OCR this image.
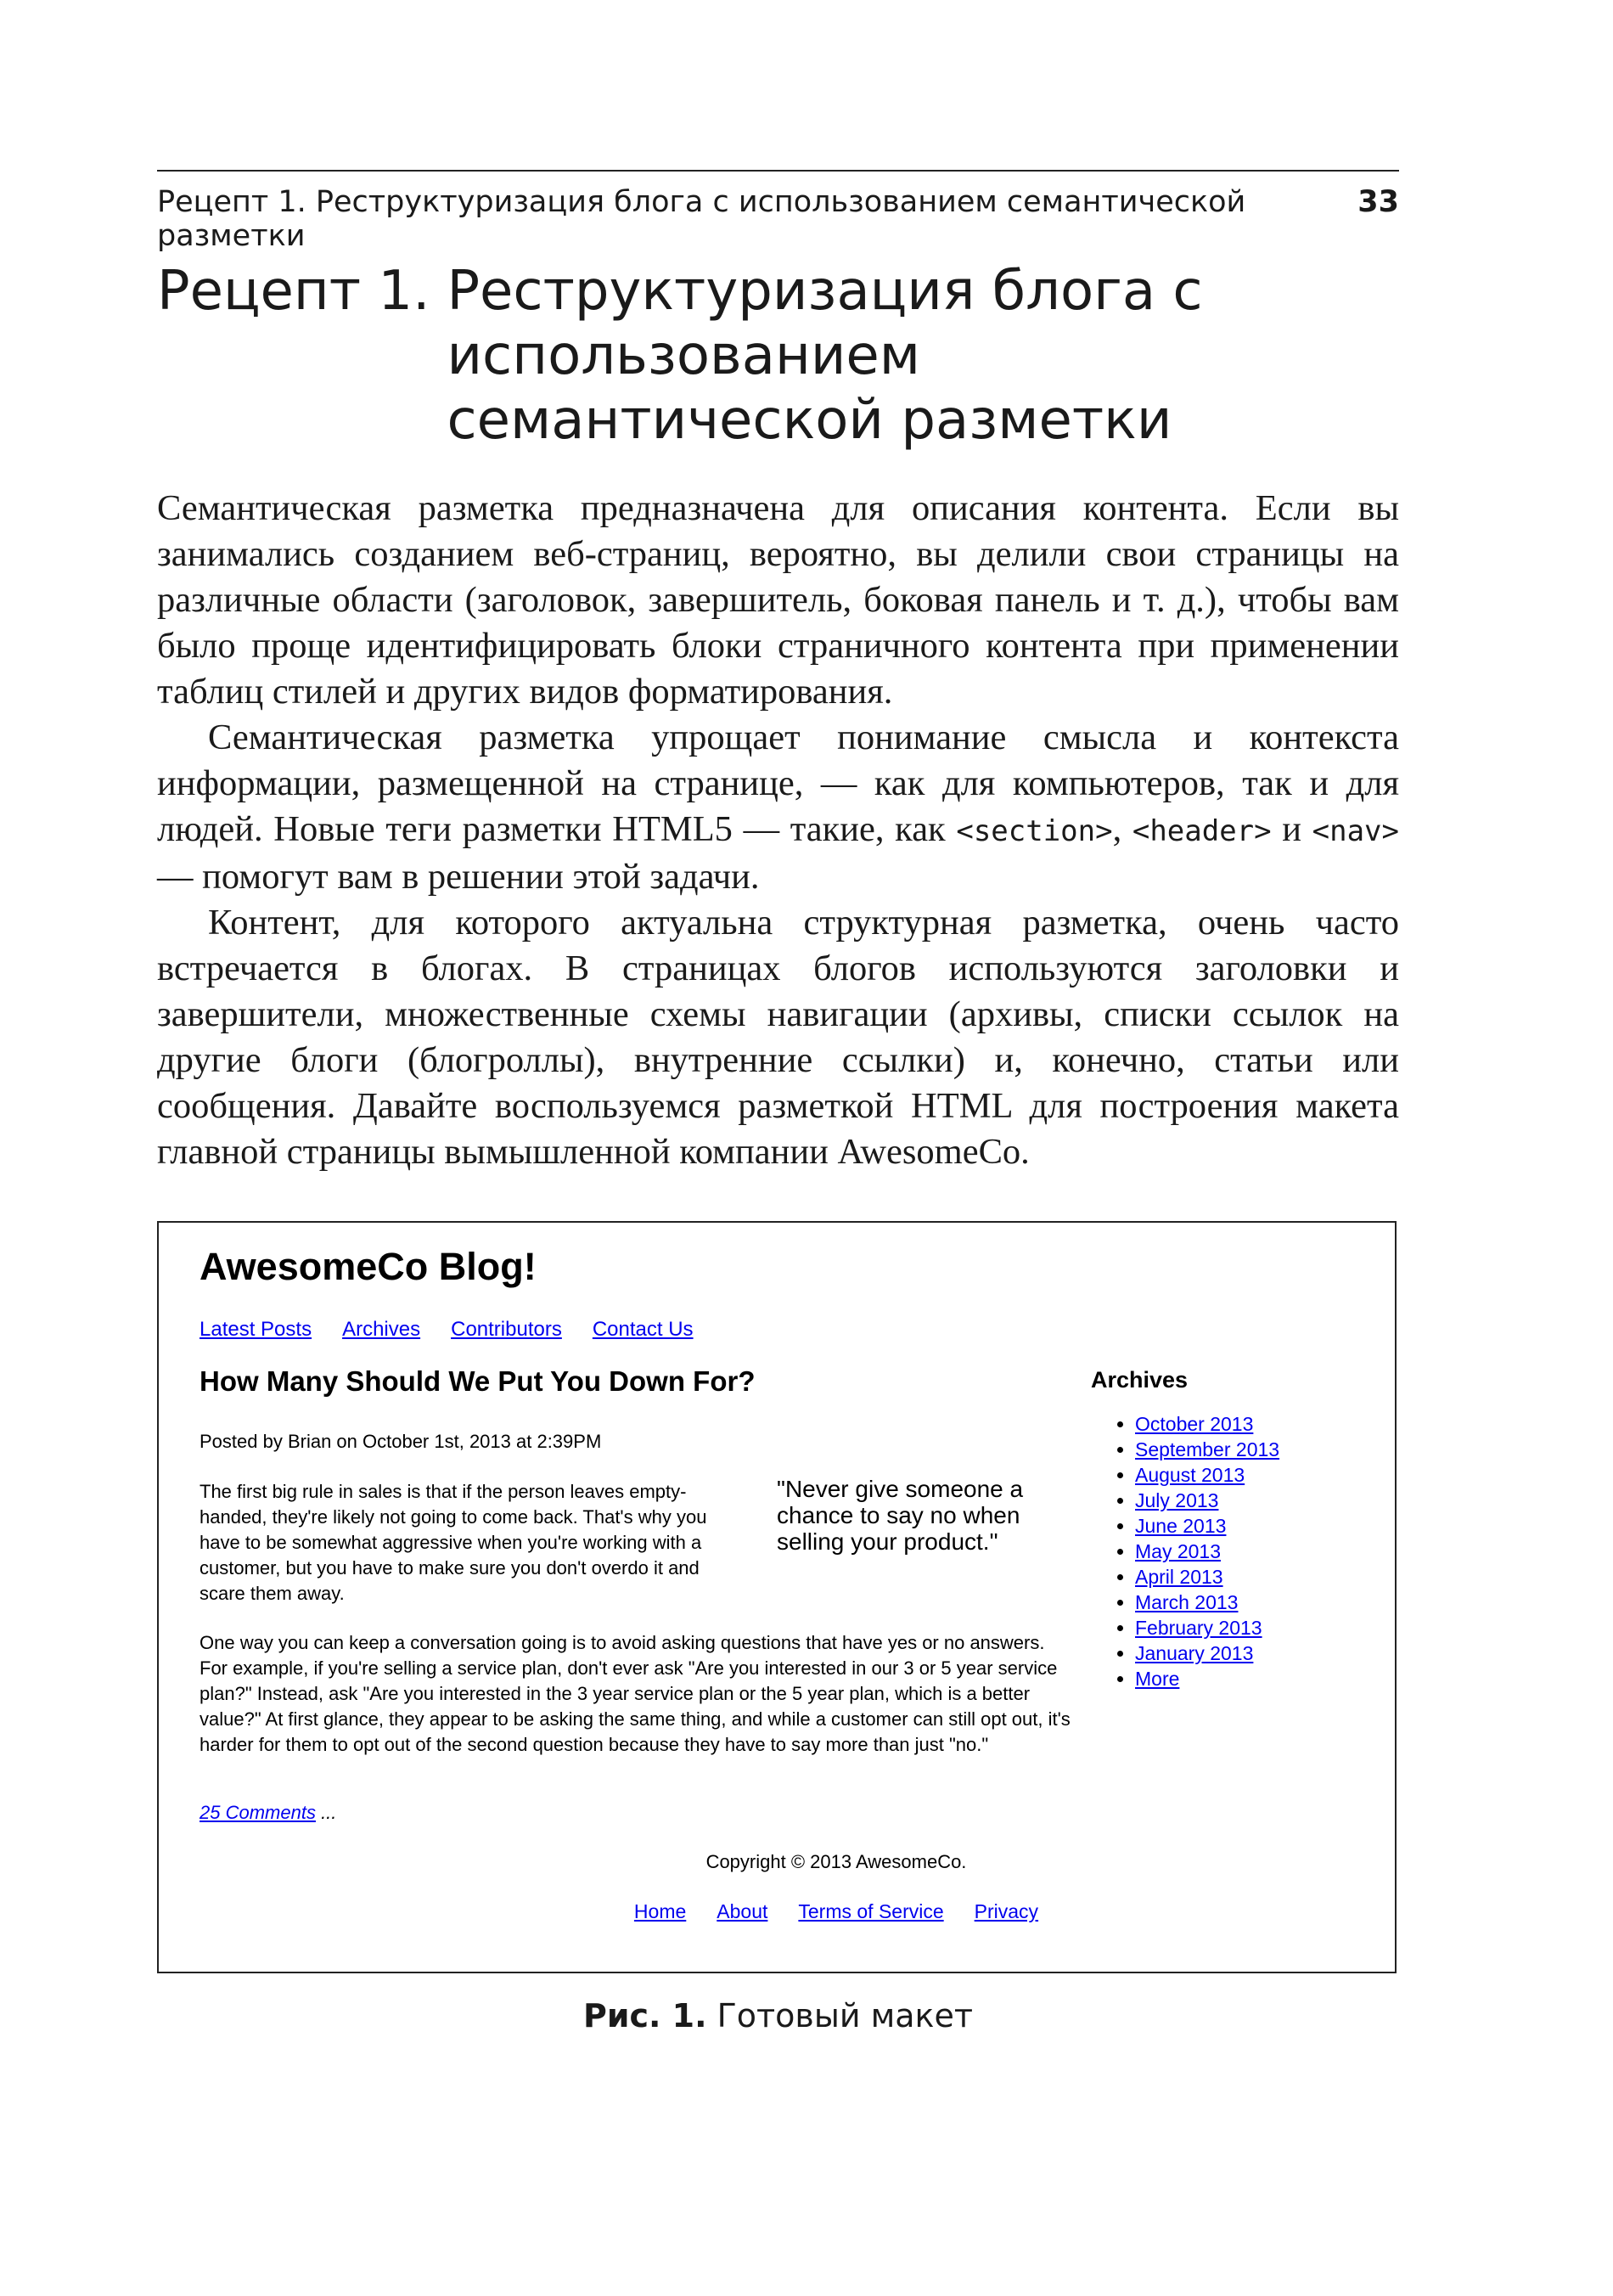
Рецепт 1. Реструктуризация блога с использованием семантической разметки
33
Рецепт 1. Реструктуризация блога с использованием семантической разметки

Семантическая разметка предназначена для описания контента. Если вы занимались созданием веб-страниц, вероятно, вы делили свои страницы на различные области (заголовок, завершитель, боковая панель и т. д.), чтобы вам было проще идентифицировать блоки страничного контента при применении таблиц стилей и других видов форматирования.

Семантическая разметка упрощает понимание смысла и контекста информации, размещенной на странице, — как для компьютеров, так и для людей. Новые теги разметки HTML5 — такие, как <section>, <header> и <nav> — помогут вам в решении этой задачи.

Контент, для которого актуальна структурная разметка, очень часто встречается в блогах. В страницах блогов используются заголовки и завершители, множественные схемы навигации (архивы, списки ссылок на другие блоги (блогроллы), внутренние ссылки) и, конечно, статьи или сообщения. Давайте воспользуемся разметкой HTML для построения макета главной страницы вымышленной компании AwesomeCo.

AwesomeCo Blog!
Latest Posts Archives Contributors Contact Us
How Many Should We Put You Down For?
Posted by Brian on October 1st, 2013 at 2:39PM
The first big rule in sales is that if the person leaves empty-handed, they're likely not going to come back. That's why you have to be somewhat aggressive when you're working with a customer, but you have to make sure you don't overdo it and scare them away.
"Never give someone a chance to say no when selling your product."
One way you can keep a conversation going is to avoid asking questions that have yes or no answers. For example, if you're selling a service plan, don't ever ask "Are you interested in our 3 or 5 year service plan?" Instead, ask "Are you interested in the 3 year service plan or the 5 year plan, which is a better value?" At first glance, they appear to be asking the same thing, and while a customer can still opt out, it's harder for them to opt out of the second question because they have to say more than just "no."
25 Comments ...
Archives
• October 2013
• September 2013
• August 2013
• July 2013
• June 2013
• May 2013
• April 2013
• March 2013
• February 2013
• January 2013
• More
Copyright © 2013 AwesomeCo.
Home About Terms of Service Privacy
Рис. 1. Готовый макет
